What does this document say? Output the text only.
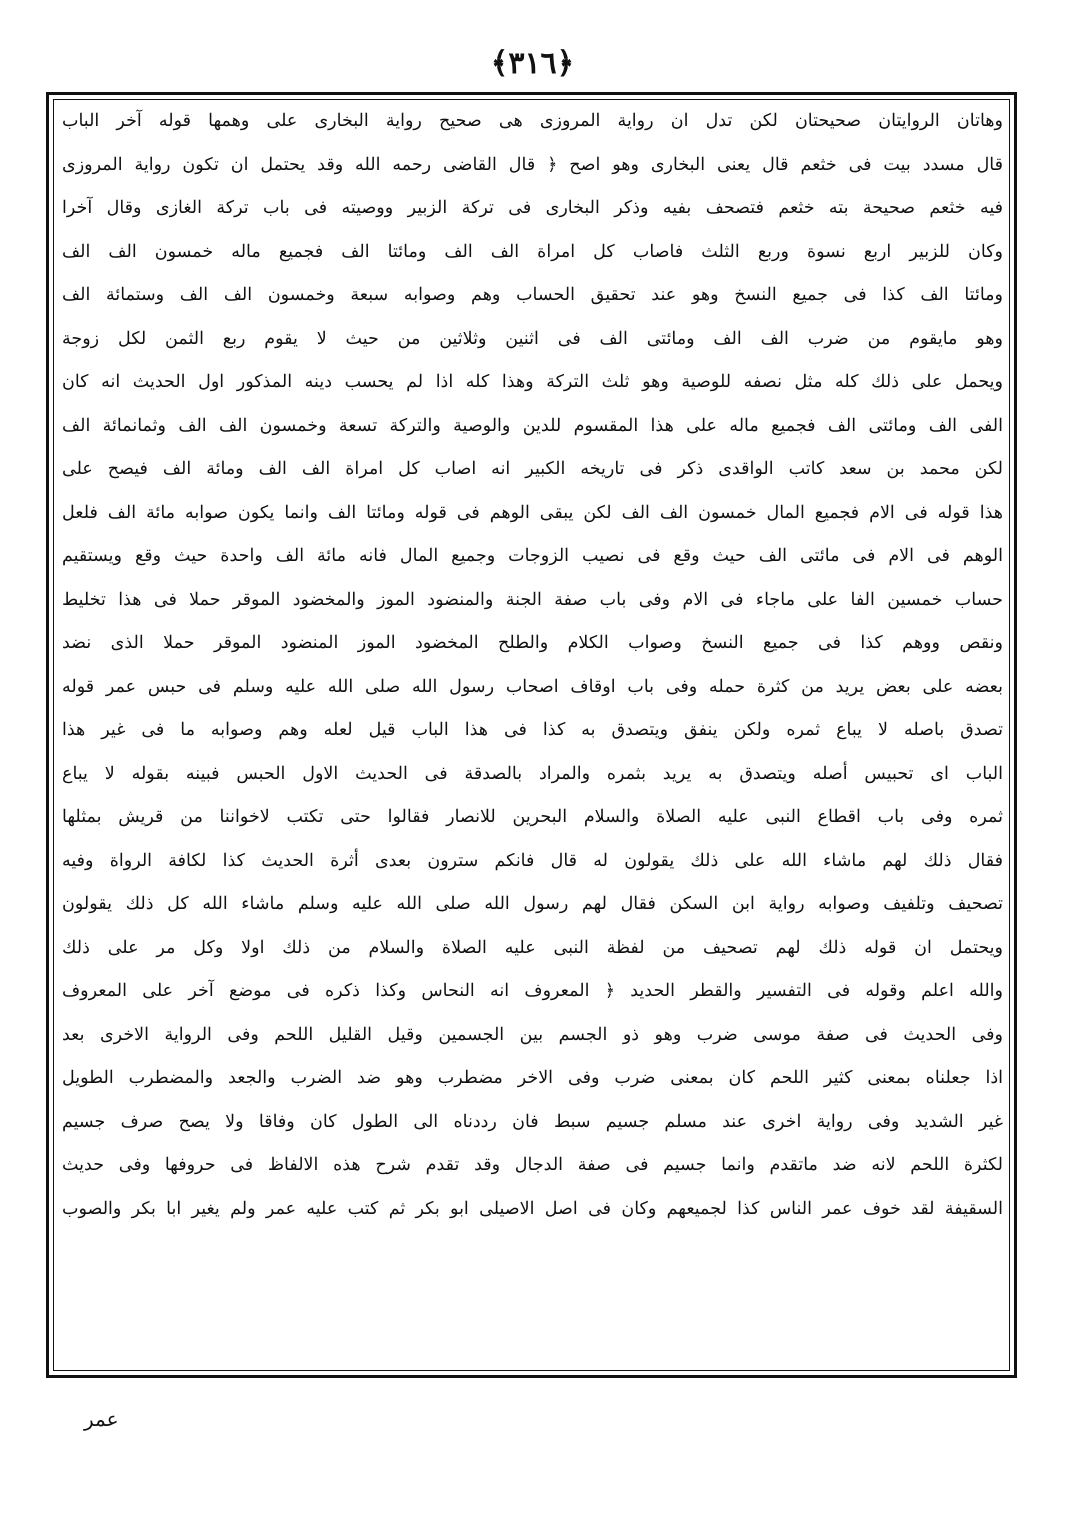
﴿٣١٦﴾
وهاتان الروايتان صحيحتان لكن تدل ان رواية المروزى هى صحيح رواية البخارى على وهمها قوله آخر الباب
قال مسدد بيت فى خثعم قال يعنى البخارى وهو اصح ﴿ قال القاضى رحمه الله وقد يحتمل ان تكون رواية المروزى
فيه خثعم صحيحة بته خثعم فتصحف بفيه وذكر البخارى فى تركة الزبير ووصيته فى باب تركة الغازى وقال آخرا
وكان للزبير اربع نسوة وربع الثلث فاصاب كل امراة الف الف ومائتا الف فجميع ماله خمسون الف الف
ومائتا الف كذا فى جميع النسخ وهو عند تحقيق الحساب وهم وصوابه سبعة وخمسون الف الف وستمائة الف
وهو مايقوم من ضرب الف الف ومائتى الف فى اثنين وثلاثين من حيث لا يقوم ربع الثمن لكل زوجة
ويحمل على ذلك كله مثل نصفه للوصية وهو ثلث التركة وهذا كله اذا لم يحسب دينه المذكور اول الحديث انه كان
الفى الف ومائتى الف فجميع ماله على هذا المقسوم للدين والوصية والتركة تسعة وخمسون الف الف وثمانمائة الف
لكن محمد بن سعد كاتب الواقدى ذكر فى تاريخه الكبير انه اصاب كل امراة الف الف ومائة الف فيصح على
هذا قوله فى الام فجميع المال خمسون الف الف لكن يبقى الوهم فى قوله ومائتا الف وانما يكون صوابه مائة الف فلعل
الوهم فى الام فى مائتى الف حيث وقع فى نصيب الزوجات وجميع المال فانه مائة الف واحدة حيث وقع ويستقيم
حساب خمسين الفا على ماجاء فى الام وفى باب صفة الجنة والمنضود الموز والمخضود الموقر حملا فى هذا تخليط
ونقص ووهم كذا فى جميع النسخ وصواب الكلام والطلح المخضود الموز المنضود الموقر حملا الذى نضد
بعضه على بعض يريد من كثرة حمله وفى باب اوقاف اصحاب رسول الله صلى الله عليه وسلم فى حبس عمر قوله
تصدق باصله لا يباع ثمره ولكن ينفق ويتصدق به كذا فى هذا الباب قيل لعله وهم وصوابه ما فى غير هذا
الباب اى تحبيس أصله ويتصدق به يريد بثمره والمراد بالصدقة فى الحديث الاول الحبس فبينه بقوله لا يباع
ثمره وفى باب اقطاع النبى عليه الصلاة والسلام البحرين للانصار فقالوا حتى تكتب لاخواننا من قريش بمثلها
فقال ذلك لهم ماشاء الله على ذلك يقولون له قال فانكم سترون بعدى أثرة الحديث كذا لكافة الرواة وفيه
تصحيف وتلفيف وصوابه رواية ابن السكن فقال لهم رسول الله صلى الله عليه وسلم ماشاء الله كل ذلك يقولون
ويحتمل ان قوله ذلك لهم تصحيف من لفظة النبى عليه الصلاة والسلام من ذلك اولا وكل مر على ذلك
والله اعلم وقوله فى التفسير والقطر الحديد ﴿ المعروف انه النحاس وكذا ذكره فى موضع آخر على المعروف
وفى الحديث فى صفة موسى ضرب وهو ذو الجسم بين الجسمين وقيل القليل اللحم وفى الرواية الاخرى بعد
اذا جعلناه بمعنى كثير اللحم كان بمعنى ضرب وفى الاخر مضطرب وهو ضد الضرب والجعد والمضطرب الطويل
غير الشديد وفى رواية اخرى عند مسلم جسيم سبط فان رددناه الى الطول كان وفاقا ولا يصح صرف جسيم
لكثرة اللحم لانه ضد ماتقدم وانما جسيم فى صفة الدجال وقد تقدم شرح هذه الالفاظ فى حروفها وفى حديث
السقيفة لقد خوف عمر الناس كذا لجميعهم وكان فى اصل الاصيلى ابو بكر ثم كتب عليه عمر ولم يغير ابا بكر والصوب
عمر
